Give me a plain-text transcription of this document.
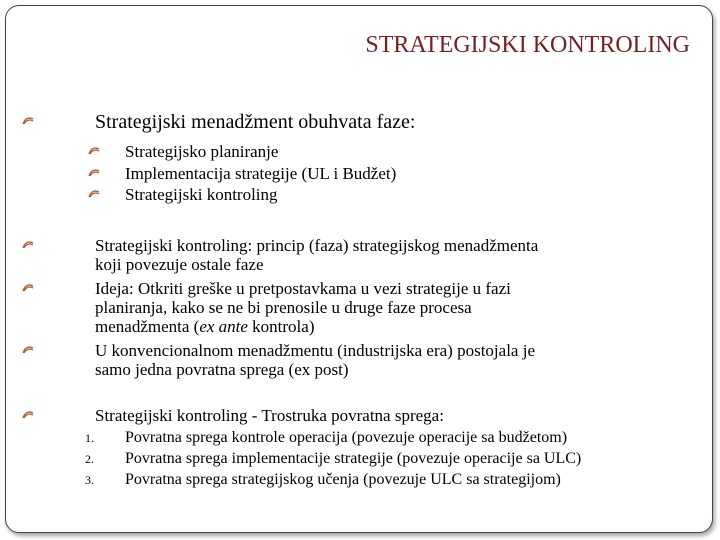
STRATEGIJSKI KONTROLING
Strategijski menadžment obuhvata faze:
Strategijsko planiranje
Implementacija strategije (UL i Budžet)
Strategijski kontroling
Strategijski kontroling: princip (faza) strategijskog menadžmenta
koji povezuje ostale faze
Ideja: Otkriti greške u pretpostavkama u vezi strategije u fazi
planiranja, kako se ne bi prenosile u druge faze procesa
menadžmenta (ex ante kontrola)
U konvencionalnom menadžmentu (industrijska era) postojala je
samo jedna povratna sprega (ex post)
Strategijski kontroling - Trostruka povratna sprega:
1. Povratna sprega kontrole operacija (povezuje operacije sa budžetom)
2. Povratna sprega implementacije strategije (povezuje operacije sa ULC)
3. Povratna sprega strategijskog učenja (povezuje ULC sa strategijom)
